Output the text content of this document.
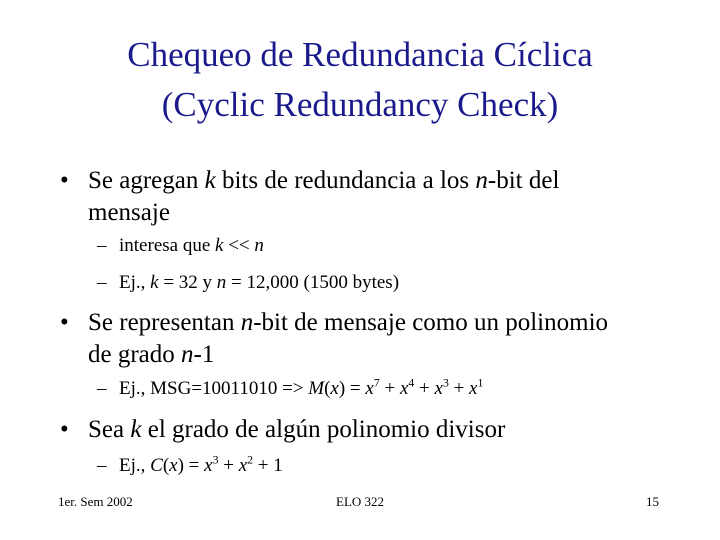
Chequeo de Redundancia Cíclica
(Cyclic Redundancy Check)
• Se agregan k bits de redundancia a los n-bit del
mensaje
– interesa que k << n
– Ej., k = 32 y n = 12,000 (1500 bytes)
• Se representan n-bit de mensaje como un polinomio
de grado n-1
– Ej., $MSG=10011010 => M(x) = x^7 + x^4 + x^3 + x^1$
• Sea k el grado de algún polinomio divisor
– Ej., $C(x) = x^3 + x^2 + 1$
1er. Sem 2002	ELO 322	15
